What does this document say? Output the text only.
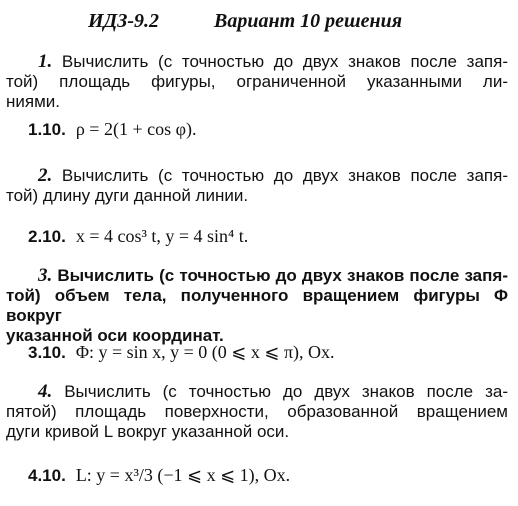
ИДЗ-9.2	Вариант 10 решения
1. Вычислить (с точностью до двух знаков после запя-
той) площадь фигуры, ограниченной указанными ли-
ниями.
1.10. ρ = 2(1 + cos φ).
2. Вычислить (с точностью до двух знаков после запя-
той) длину дуги данной линии.
2.10. x = 4 cos³ t, y = 4 sin⁴ t.
3. Вычислить (с точностью до двух знаков после запя-
той) объем тела, полученного вращением фигуры Φ вокруг
указанной оси координат.
3.10. Φ: y = sin x, y = 0 (0 ⩽ x ⩽ π), Ox.
4. Вычислить (с точностью до двух знаков после за-
пятой) площадь поверхности, образованной вращением
дуги кривой L вокруг указанной оси.
4.10. L: y = x³/3 (−1 ⩽ x ⩽ 1), Ox.
